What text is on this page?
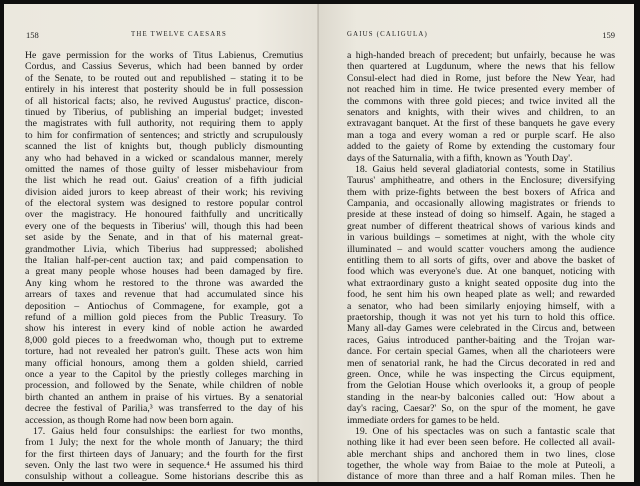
158	THE TWELVE CAESARS
He gave permission for the works of Titus Labienus, Cremutius
Cordus, and Cassius Severus, which had been banned by order
of the Senate, to be routed out and republished – stating it to be
entirely in his interest that posterity should be in full possession
of all historical facts; also, he revived Augustus' practice, discon-
tinued by Tiberius, of publishing an imperial budget; invested
the magistrates with full authority, not requiring them to apply
to him for confirmation of sentences; and strictly and scrupulously
scanned the list of knights but, though publicly dismounting
any who had behaved in a wicked or scandalous manner, merely
omitted the names of those guilty of lesser misbehaviour from
the list which he read out. Gaius' creation of a fifth judicial
division aided jurors to keep abreast of their work; his reviving
of the electoral system was designed to restore popular control
over the magistracy. He honoured faithfully and uncritically
every one of the bequests in Tiberius' will, though this had been
set aside by the Senate, and in that of his maternal great-
grandmother Livia, which Tiberius had suppressed; abolished
the Italian half-per-cent auction tax; and paid compensation to
a great many people whose houses had been damaged by fire.
Any king whom he restored to the throne was awarded the
arrears of taxes and revenue that had accumulated since his
deposition – Antiochus of Commagene, for example, got a
refund of a million gold pieces from the Public Treasury. To
show his interest in every kind of noble action he awarded
8,000 gold pieces to a freedwoman who, though put to extreme
torture, had not revealed her patron's guilt. These acts won him
many official honours, among them a golden shield, carried
once a year to the Capitol by the priestly colleges marching in
procession, and followed by the Senate, while children of noble
birth chanted an anthem in praise of his virtues. By a senatorial
decree the festival of Parilia,³ was transferred to the day of his
accession, as though Rome had now been born again.
17. Gaius held four consulships: the earliest for two months,
from 1 July; the next for the whole month of January; the third
for the first thirteen days of January; and the fourth for the first
seven. Only the last two were in sequence.⁴ He assumed his third
consulship without a colleague. Some historians describe this as
GAIUS (CALIGULA)	159
a high-handed breach of precedent; but unfairly, because he was
then quartered at Lugdunum, where the news that his fellow
Consul-elect had died in Rome, just before the New Year, had
not reached him in time. He twice presented every member of
the commons with three gold pieces; and twice invited all the
senators and knights, with their wives and children, to an
extravagant banquet. At the first of these banquets he gave every
man a toga and every woman a red or purple scarf. He also
added to the gaiety of Rome by extending the customary four
days of the Saturnalia, with a fifth, known as 'Youth Day'.
18. Gaius held several gladiatorial contests, some in Statilius
Taurus' amphitheatre, and others in the Enclosure; diversifying
them with prize-fights between the best boxers of Africa and
Campania, and occasionally allowing magistrates or friends to
preside at these instead of doing so himself. Again, he staged a
great number of different theatrical shows of various kinds and
in various buildings – sometimes at night, with the whole city
illuminated – and would scatter vouchers among the audience
entitling them to all sorts of gifts, over and above the basket of
food which was everyone's due. At one banquet, noticing with
what extraordinary gusto a knight seated opposite dug into the
food, he sent him his own heaped plate as well; and rewarded
a senator, who had been similarly enjoying himself, with a
praetorship, though it was not yet his turn to hold this office.
Many all-day Games were celebrated in the Circus and, between
races, Gaius introduced panther-baiting and the Trojan war-
dance. For certain special Games, when all the charioteers were
men of senatorial rank, he had the Circus decorated in red and
green. Once, while he was inspecting the Circus equipment,
from the Gelotian House which overlooks it, a group of people
standing in the near-by balconies called out: 'How about a
day's racing, Caesar?' So, on the spur of the moment, he gave
immediate orders for games to be held.
19. One of his spectacles was on such a fantastic scale that
nothing like it had ever been seen before. He collected all avail-
able merchant ships and anchored them in two lines, close
together, the whole way from Baiae to the mole at Puteoli, a
distance of more than three and a half Roman miles. Then he
